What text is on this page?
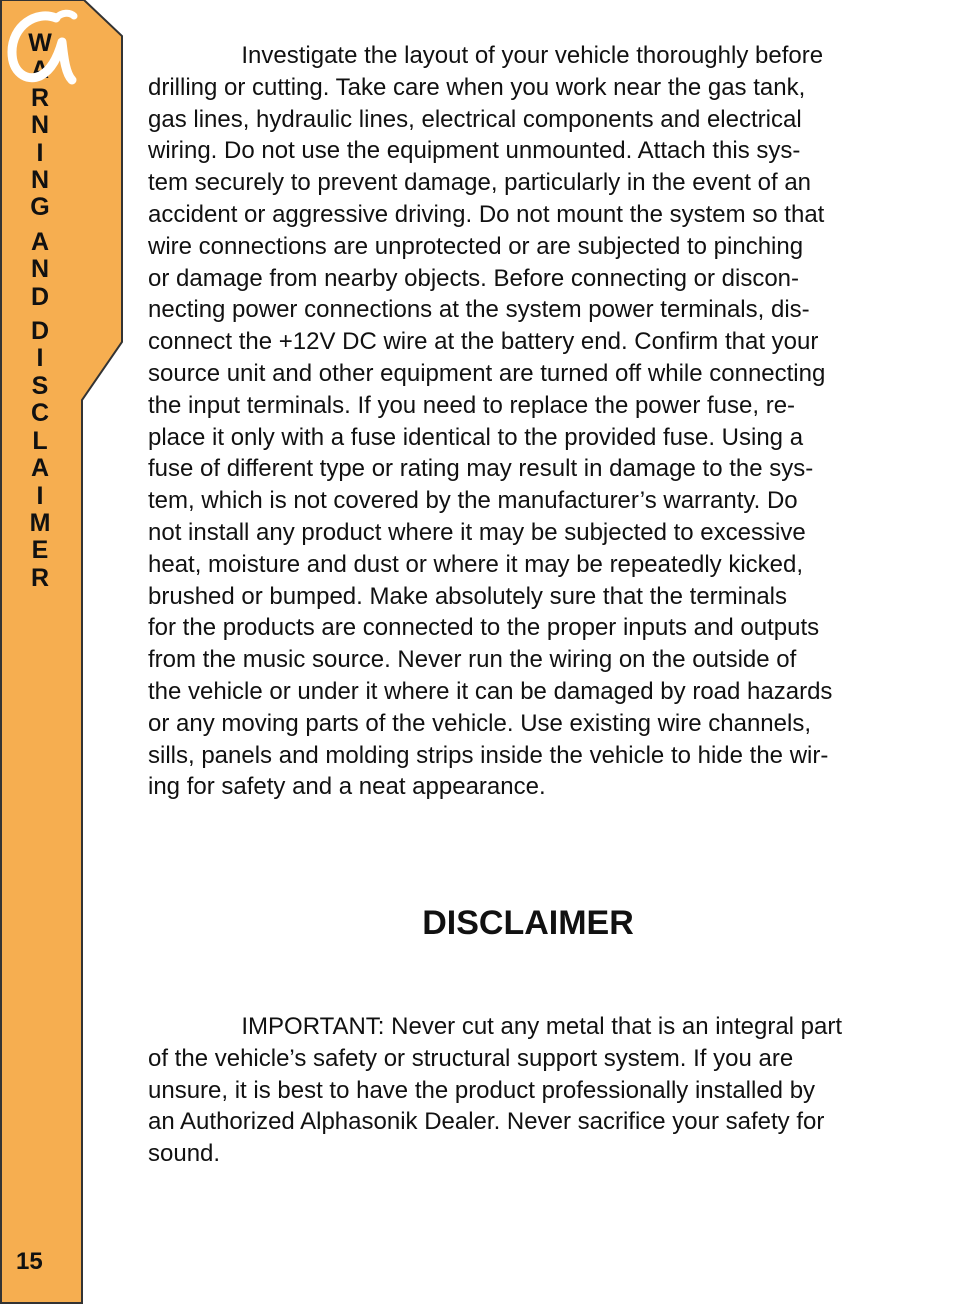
W
A
R
N
I
N
G
A
N
D
D
I
S
C
L
A
I
M
E
R
15

Investigate the layout of your vehicle thoroughly before
drilling or cutting. Take care when you work near the gas tank,
gas lines, hydraulic lines, electrical components and electrical
wiring. Do not use the equipment unmounted. Attach this sys-
tem securely to prevent damage, particularly in the event of an
accident or aggressive driving. Do not mount the system so that
wire connections are unprotected or are subjected to pinching
or damage from nearby objects. Before connecting or discon-
necting power connections at the system power terminals, dis-
connect the +12V DC wire at the battery end. Confirm that your
source unit and other equipment are turned off while connecting
the input terminals. If you need to replace the power fuse, re-
place it only with a fuse identical to the provided fuse. Using a
fuse of different type or rating may result in damage to the sys-
tem, which is not covered by the manufacturer’s warranty. Do
not install any product where it may be subjected to excessive
heat, moisture and dust or where it may be repeatedly kicked,
brushed or bumped. Make absolutely sure that the terminals
for the products are connected to the proper inputs and outputs
from the music source. Never run the wiring on the outside of
the vehicle or under it where it can be damaged by road hazards
or any moving parts of the vehicle. Use existing wire channels,
sills, panels and molding strips inside the vehicle to hide the wir-
ing for safety and a neat appearance.

DISCLAIMER

IMPORTANT: Never cut any metal that is an integral part
of the vehicle’s safety or structural support system. If you are
unsure, it is best to have the product professionally installed by
an Authorized Alphasonik Dealer. Never sacrifice your safety for
sound.
